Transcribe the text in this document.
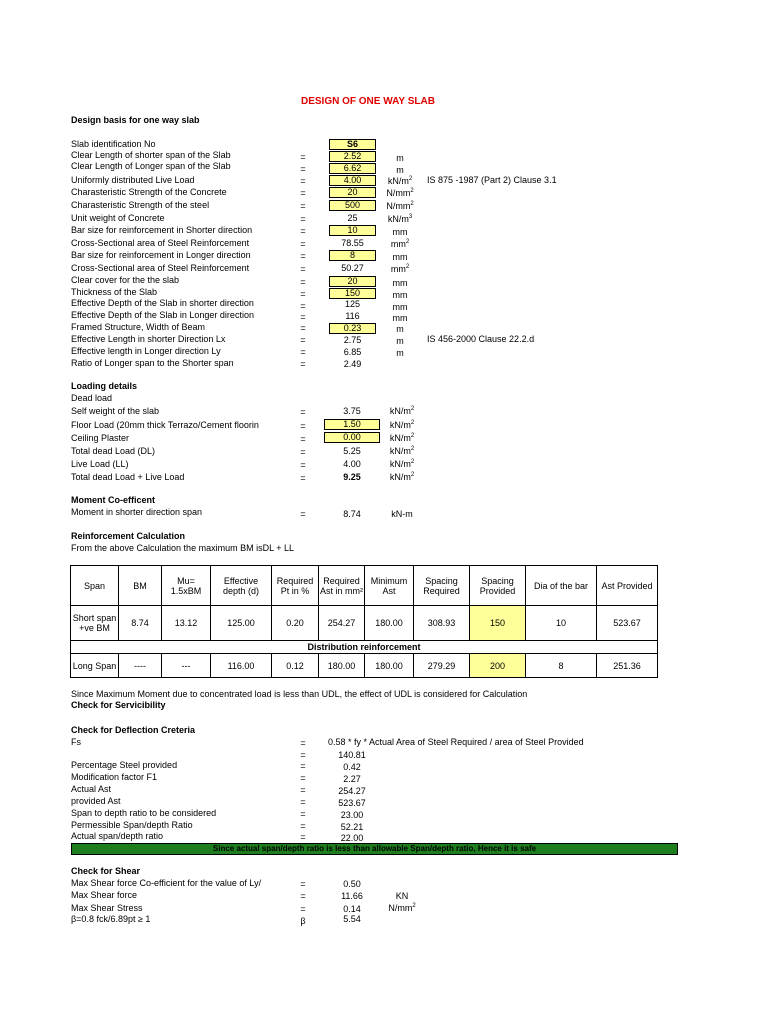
DESIGN OF ONE WAY SLAB
Design basis for one way slab
Slab identification No	S6
Clear Length of shorter span of the Slab	=	2.52	m
Clear Length of Longer span of the Slab	=	6.62	m
Uniformly distributed Live Load	=	4.00	$kN/m^2$	IS 875 -1987 (Part 2) Clause 3.1
Charasteristic Strength of the Concrete	=	20	$N/mm^2$
Charasteristic Strength of the steel	=	500	$N/mm^2$
Unit weight of Concrete	=	25	$kN/m^3$
Bar size for reinforcement in Shorter direction	=	10	mm
Cross-Sectional area of Steel Reinforcement	=	78.55	$mm^2$
Bar size for reinforcement in Longer direction	=	8	mm
Cross-Sectional area of Steel Reinforcement	=	50.27	$mm^2$
Clear cover for the the slab	=	20	mm
Thickness of the Slab	=	150	mm
Effective Depth of the Slab in shorter direction	=	125	mm
Effective Depth of the Slab in Longer direction	=	116	mm
Framed Structure, Width of Beam	=	0.23	m
Effective Length in shorter Direction Lx	=	2.75	m	IS 456-2000 Clause 22.2.d
Effective length in Longer direction Ly	=	6.85	m
Ratio of Longer span to the Shorter span	=	2.49
Loading details
Dead load
Self weight of the slab	=	3.75	$kN/m^2$
Floor Load (20mm thick Terrazo/Cement floorin	=	1.50	$kN/m^2$
Ceiling Plaster	=	0.00	$kN/m^2$
Total dead Load (DL)	=	5.25	$kN/m^2$
Live Load (LL)	=	4.00	$kN/m^2$
Total dead Load + Live Load	=	9.25	$kN/m^2$
Moment Co-efficent
Moment in shorter direction span	=	8.74	kN-m
Reinforcement Calculation
From the above Calculation the maximum BM isDL + LL
Span	BM	Mu= 1.5xBM	Effective depth (d)	Required Pt in %	Required Ast in mm²	Minimum Ast	Spacing Required	Spacing Provided	Dia of the bar	Ast Provided
Short span +ve BM	8.74	13.12	125.00	0.20	254.27	180.00	308.93	150	10	523.67
Distribution reinforcement										
Long Span	----	---	116.00	0.12	180.00	180.00	279.29	200	8	251.36
Since Maximum Moment due to concentrated load is less than UDL, the effect of UDL is considered for Calculation
Check for Servicibility
Check for Deflection Creteria
Fs	=	0.58 * fy * Actual Area of Steel Required / area of Steel Provided
=	140.81
Percentage Steel provided	=	0.42
Modification factor F1	=	2.27
Actual Ast	=	254.27
provided Ast	=	523.67
Span to depth ratio to be considered	=	23.00
Permessible Span/depth Ratio	=	52.21
Actual span/depth ratio	=	22.00
Since actual span/depth ratio is less than allowable Span/depth ratio, Hence it is safe
Check for Shear
Max Shear force Co-efficient for the value of Ly/	=	0.50
Max Shear force	=	11.66	KN
Max Shear Stress	=	0.14	$N/mm^2$
β=0.8 fck/6.89pt ≥ 1	β	5.54
